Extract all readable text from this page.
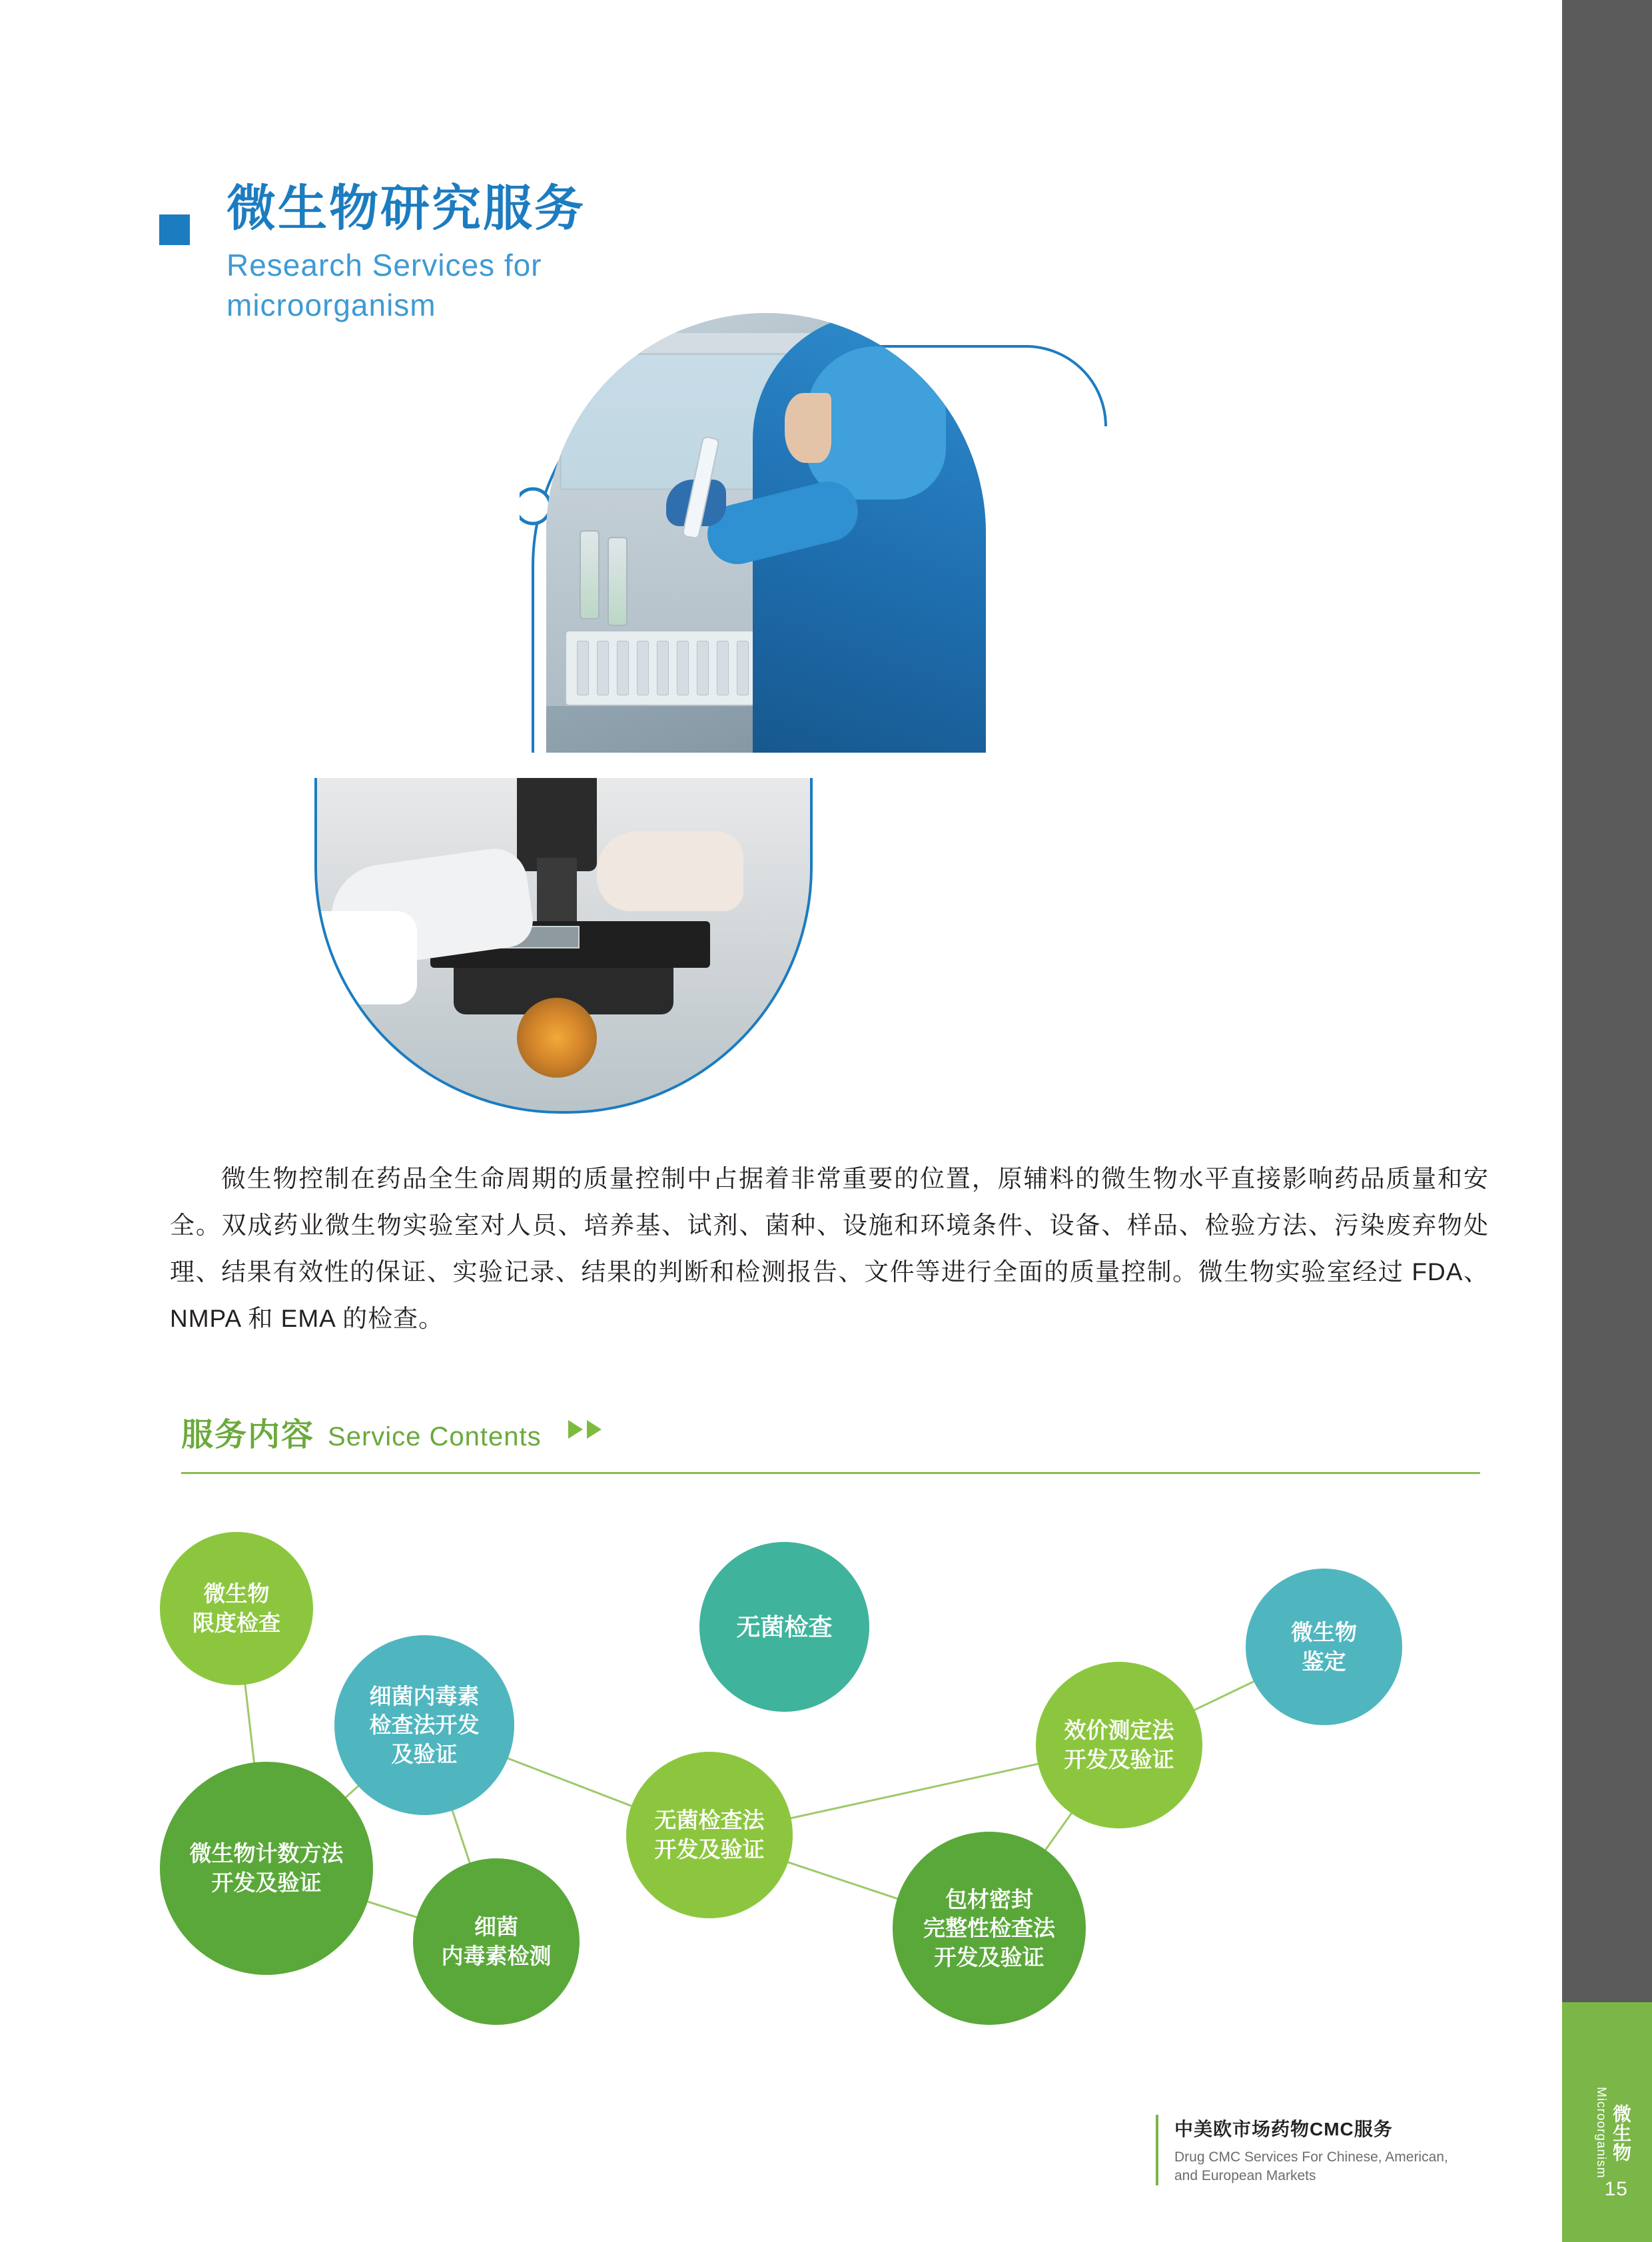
微生物
Microorganism
15
微生物研究服务
Research Services for microorganism
微生物控制在药品全生命周期的质量控制中占据着非常重要的位置，原辅料的微生物水平直接影响药品质量和安全。双成药业微生物实验室对人员、培养基、试剂、菌种、设施和环境条件、设备、样品、检验方法、污染废弃物处理、结果有效性的保证、实验记录、结果的判断和检测报告、文件等进行全面的质量控制。微生物实验室经过 FDA、NMPA 和 EMA 的检查。
服务内容 Service Contents
微生物
限度检查
细菌内毒素
检查法开发
及验证
微生物计数方法
开发及验证
细菌
内毒素检测
无菌检查
无菌检查法
开发及验证
包材密封
完整性检查法
开发及验证
效价测定法
开发及验证
微生物
鉴定
中美欧市场药物CMC服务
Drug CMC Services For Chinese, American,
and European Markets
